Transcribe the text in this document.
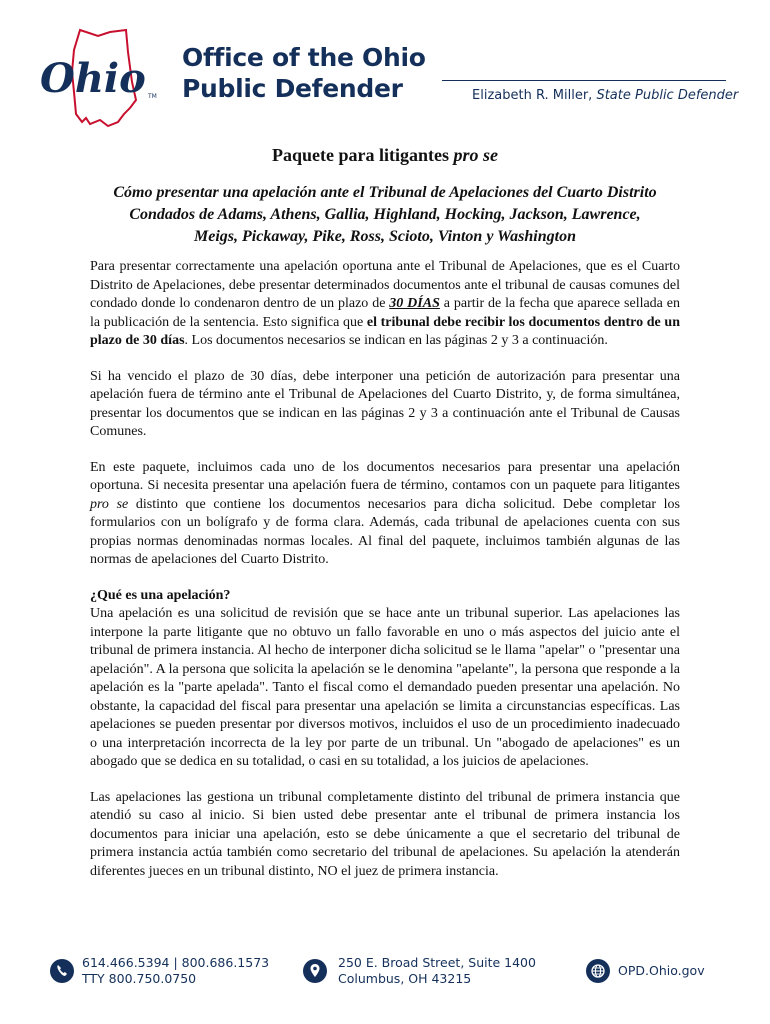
Ohio TM
Office of the Ohio
Public Defender	Elizabeth R. Miller, State Public Defender
Paquete para litigantes pro se
Cómo presentar una apelación ante el Tribunal de Apelaciones del Cuarto Distrito
Condados de Adams, Athens, Gallia, Highland, Hocking, Jackson, Lawrence,
Meigs, Pickaway, Pike, Ross, Scioto, Vinton y Washington

Para presentar correctamente una apelación oportuna ante el Tribunal de Apelaciones, que es el Cuarto Distrito de Apelaciones, debe presentar determinados documentos ante el tribunal de causas comunes del condado donde lo condenaron dentro de un plazo de 30 DÍAS a partir de la fecha que aparece sellada en la publicación de la sentencia. Esto significa que el tribunal debe recibir los documentos dentro de un plazo de 30 días. Los documentos necesarios se indican en las páginas 2 y 3 a continuación.

Si ha vencido el plazo de 30 días, debe interponer una petición de autorización para presentar una apelación fuera de término ante el Tribunal de Apelaciones del Cuarto Distrito, y, de forma simultánea, presentar los documentos que se indican en las páginas 2 y 3 a continuación ante el Tribunal de Causas Comunes.

En este paquete, incluimos cada uno de los documentos necesarios para presentar una apelación oportuna. Si necesita presentar una apelación fuera de término, contamos con un paquete para litigantes pro se distinto que contiene los documentos necesarios para dicha solicitud. Debe completar los formularios con un bolígrafo y de forma clara. Además, cada tribunal de apelaciones cuenta con sus propias normas denominadas normas locales. Al final del paquete, incluimos también algunas de las normas de apelaciones del Cuarto Distrito.

¿Qué es una apelación?

Una apelación es una solicitud de revisión que se hace ante un tribunal superior. Las apelaciones las interpone la parte litigante que no obtuvo un fallo favorable en uno o más aspectos del juicio ante el tribunal de primera instancia. Al hecho de interponer dicha solicitud se le llama "apelar" o "presentar una apelación". A la persona que solicita la apelación se le denomina "apelante", la persona que responde a la apelación es la "parte apelada". Tanto el fiscal como el demandado pueden presentar una apelación. No obstante, la capacidad del fiscal para presentar una apelación se limita a circunstancias específicas. Las apelaciones se pueden presentar por diversos motivos, incluidos el uso de un procedimiento inadecuado o una interpretación incorrecta de la ley por parte de un tribunal. Un "abogado de apelaciones" es un abogado que se dedica en su totalidad, o casi en su totalidad, a los juicios de apelaciones.

Las apelaciones las gestiona un tribunal completamente distinto del tribunal de primera instancia que atendió su caso al inicio. Si bien usted debe presentar ante el tribunal de primera instancia los documentos para iniciar una apelación, esto se debe únicamente a que el secretario del tribunal de primera instancia actúa también como secretario del tribunal de apelaciones. Su apelación la atenderán diferentes jueces en un tribunal distinto, NO el juez de primera instancia.

614.466.5394 | 800.686.1573
TTY 800.750.0750
250 E. Broad Street, Suite 1400
Columbus, OH 43215
OPD.Ohio.gov
